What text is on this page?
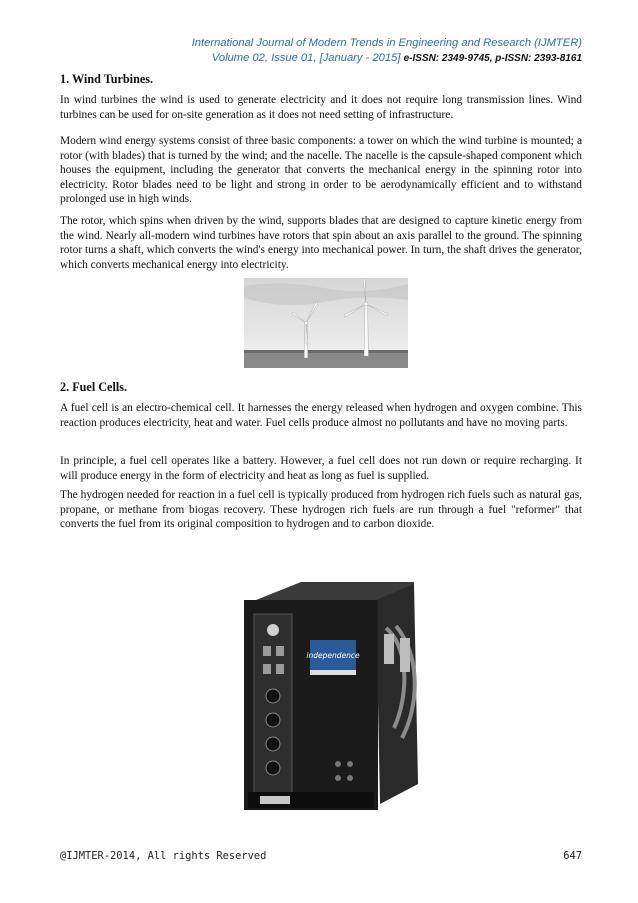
International Journal of Modern Trends in Engineering and Research (IJMTER)
Volume 02, Issue 01, [January - 2015] e-ISSN: 2349-9745, p-ISSN: 2393-8161
1. Wind Turbines.
In wind turbines the wind is used to generate electricity and it does not require long transmission lines. Wind turbines can be used for on-site generation as it does not need setting of infrastructure.
Modern wind energy systems consist of three basic components: a tower on which the wind turbine is mounted; a rotor (with blades) that is turned by the wind; and the nacelle. The nacelle is the capsule-shaped component which houses the equipment, including the generator that converts the mechanical energy in the spinning rotor into electricity. Rotor blades need to be light and strong in order to be aerodynamically efficient and to withstand prolonged use in high winds.
The rotor, which spins when driven by the wind, supports blades that are designed to capture kinetic energy from the wind. Nearly all-modern wind turbines have rotors that spin about an axis parallel to the ground. The spinning rotor turns a shaft, which converts the wind's energy into mechanical power. In turn, the shaft drives the generator, which converts mechanical energy into electricity.
2. Fuel Cells.
A fuel cell is an electro-chemical cell. It harnesses the energy released when hydrogen and oxygen combine. This reaction produces electricity, heat and water. Fuel cells produce almost no pollutants and have no moving parts.
In principle, a fuel cell operates like a battery. However, a fuel cell does not run down or require recharging. It will produce energy in the form of electricity and heat as long as fuel is supplied.
The hydrogen needed for reaction in a fuel cell is typically produced from hydrogen rich fuels such as natural gas, propane, or methane from biogas recovery. These hydrogen rich fuels are run through a fuel "reformer" that converts the fuel from its original composition to hydrogen and to carbon dioxide.
independence
@IJMTER-2014, All rights Reserved	647
